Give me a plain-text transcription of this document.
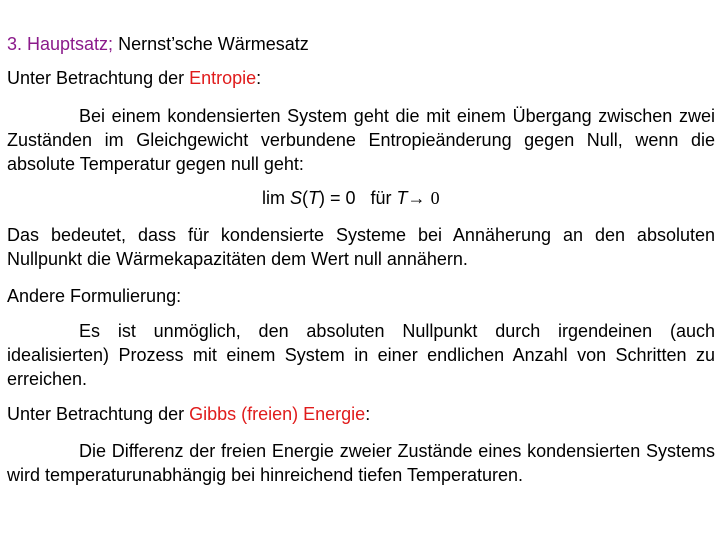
3. Hauptsatz; Nernst’sche Wärmesatz
Unter Betrachtung der Entropie:
Bei einem kondensierten System geht die mit einem Übergang zwischen zwei Zuständen im Gleichgewicht verbundene Entropieänderung gegen Null, wenn die absolute Temperatur gegen null geht:
lim S(T) = 0   für T→ 0
Das bedeutet, dass für kondensierte Systeme bei Annäherung an den absoluten Nullpunkt die Wärmekapazitäten dem Wert null annähern.
Andere Formulierung:
Es ist unmöglich, den absoluten Nullpunkt durch irgendeinen (auch idealisierten) Prozess mit einem System in einer endlichen Anzahl von Schritten zu erreichen.
Unter Betrachtung der Gibbs (freien) Energie:
Die Differenz der freien Energie zweier Zustände eines kondensierten Systems wird temperaturunabhängig bei hinreichend tiefen Temperaturen.
